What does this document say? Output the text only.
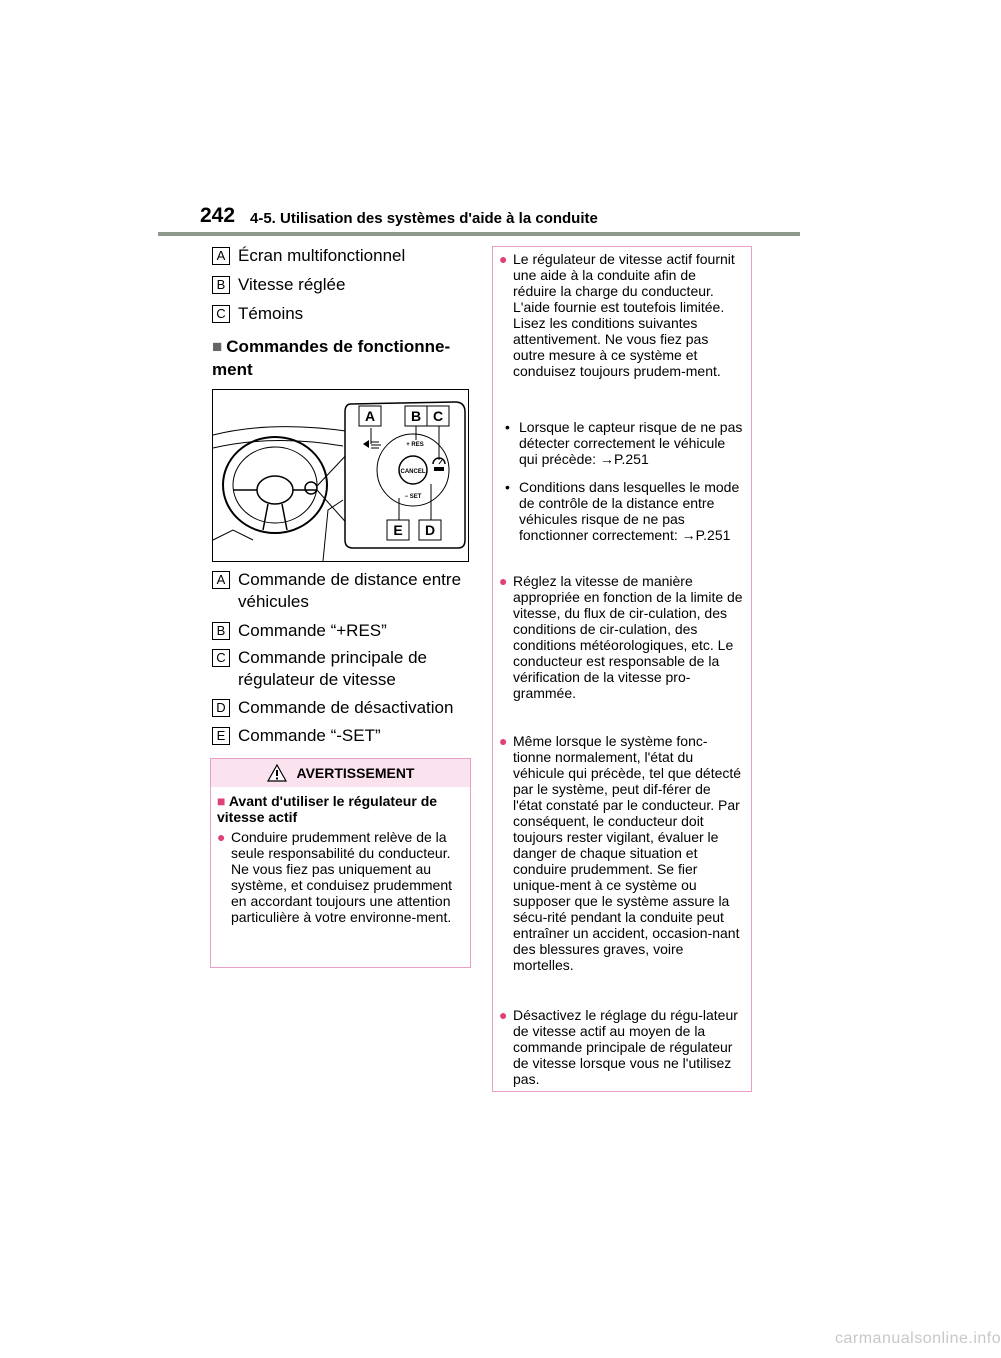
242 4-5. Utilisation des systèmes d'aide à la conduite
A Écran multifonctionnel
B Vitesse réglée
C Témoins
■ Commandes de fonctionne-ment
CANCEL
+ RES
− SET
A	B C
E D
A Commande de distance entre véhicules
B Commande “+RES”
C Commande principale de régulateur de vitesse
D Commande de désactivation
E Commande “-SET”
AVERTISSEMENT
■ Avant d'utiliser le régulateur de vitesse actif
● Conduire prudemment relève de la seule responsabilité du conducteur. Ne vous fiez pas uniquement au système, et conduisez prudemment en accordant toujours une attention particulière à votre environne-ment.
● Le régulateur de vitesse actif fournit une aide à la conduite afin de réduire la charge du conducteur. L'aide fournie est toutefois limitée.
Lisez les conditions suivantes attentivement. Ne vous fiez pas outre mesure à ce système et conduisez toujours prudem-ment.
• Lorsque le capteur risque de ne pas détecter correctement le véhicule qui précède: →P.251
• Conditions dans lesquelles le mode de contrôle de la distance entre véhicules risque de ne pas fonctionner correctement: →P.251
● Réglez la vitesse de manière appropriée en fonction de la limite de vitesse, du flux de cir-culation, des conditions de cir-culation, des conditions météorologiques, etc. Le conducteur est responsable de la vérification de la vitesse pro-grammée.
● Même lorsque le système fonc-tionne normalement, l'état du véhicule qui précède, tel que détecté par le système, peut dif-férer de l'état constaté par le conducteur. Par conséquent, le conducteur doit toujours rester vigilant, évaluer le danger de chaque situation et conduire prudemment. Se fier unique-ment à ce système ou supposer que le système assure la sécu-rité pendant la conduite peut entraîner un accident, occasion-nant des blessures graves, voire mortelles.
● Désactivez le réglage du régu-lateur de vitesse actif au moyen de la commande principale de régulateur de vitesse lorsque vous ne l'utilisez pas.
carmanualsonline.info
